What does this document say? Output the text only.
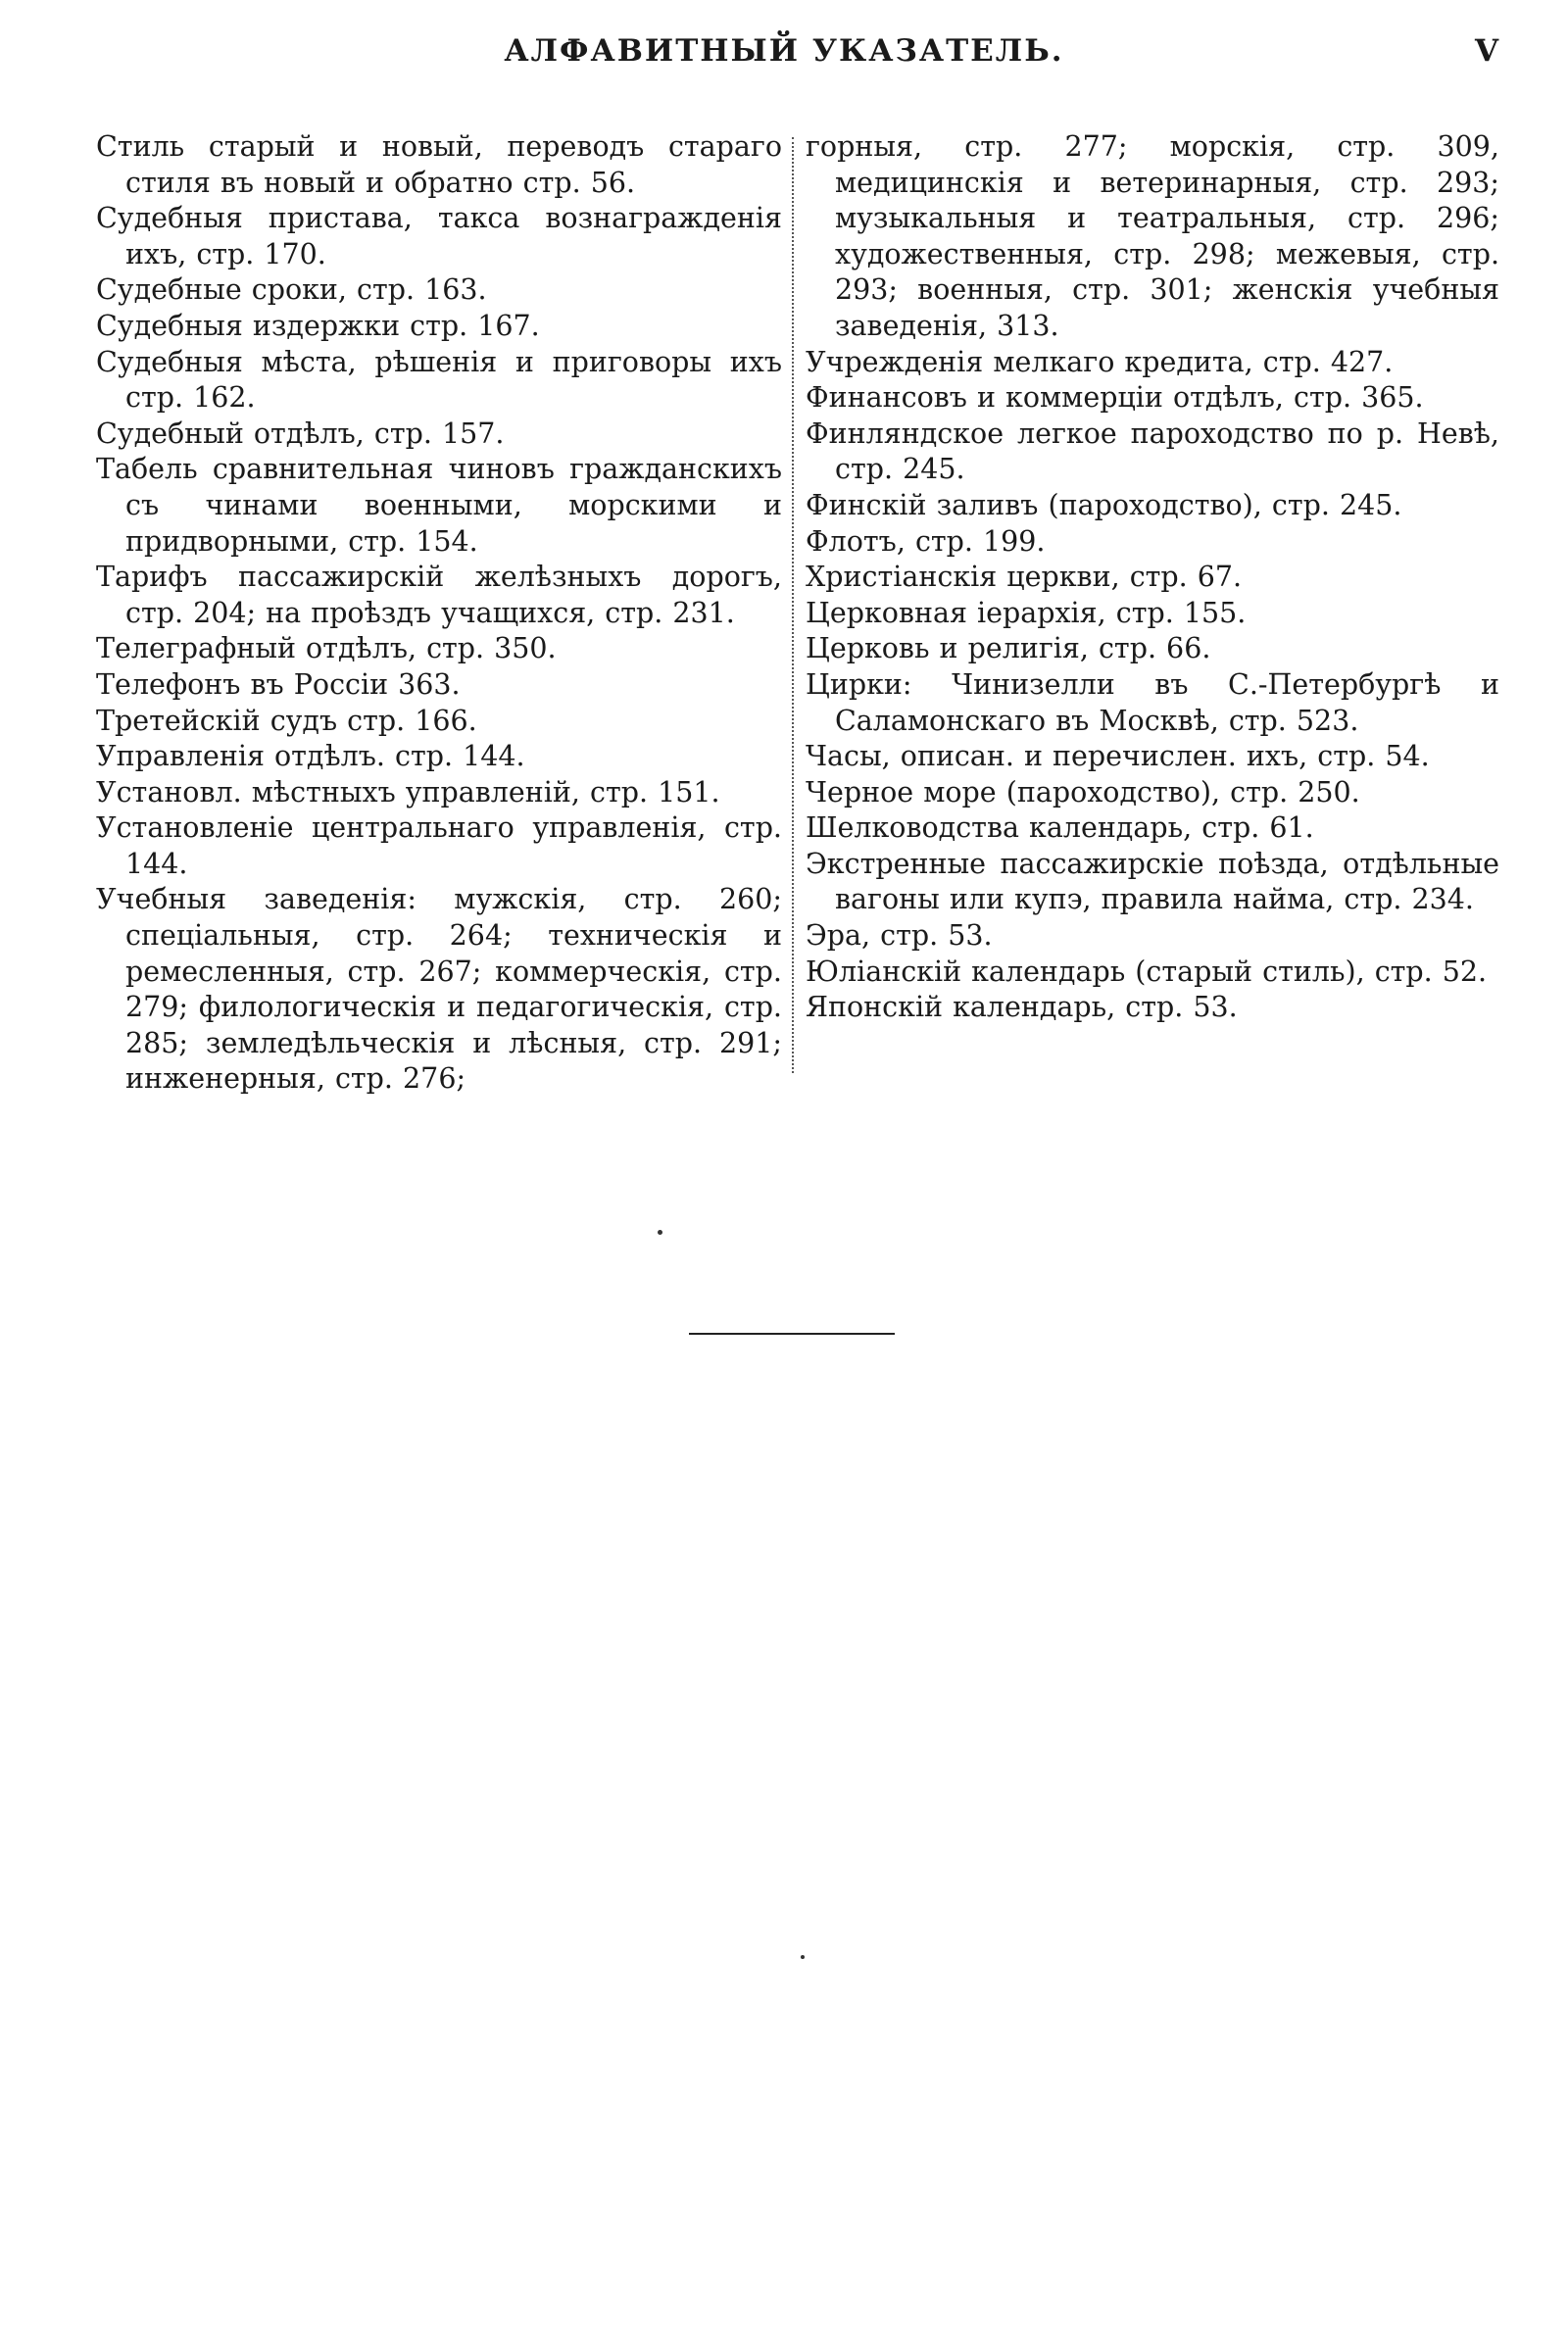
АЛФАВИТНЫЙ УКАЗАТЕЛЬ.	V

Стиль старый и новый, переводъ стараго стиля въ новый и обратно стр. 56.

Судебныя пристава, такса вознагражденія ихъ, стр. 170.

Судебные сроки, стр. 163.

Судебныя издержки стр. 167.

Судебныя мѣста, рѣшенія и приговоры ихъ стр. 162.

Судебный отдѣлъ, стр. 157.

Табель сравнительная чиновъ гражданскихъ съ чинами военными, морскими и придворными, стр. 154.

Тарифъ пассажирскій желѣзныхъ дорогъ, стр. 204; на проѣздъ учащихся, стр. 231.

Телеграфный отдѣлъ, стр. 350.

Телефонъ въ Россіи 363.

Третейскій судъ стр. 166.

Управленія отдѣлъ. стр. 144.

Установл. мѣстныхъ управленій, стр. 151.

Установленіе центральнаго управленія, стр. 144.

Учебныя заведенія: мужскія, стр. 260; спеціальныя, стр. 264; техническія и ремесленныя, стр. 267; коммерческія, стр. 279; филологическія и педагогическія, стр. 285; земледѣльческія и лѣсныя, стр. 291; инженерныя, стр. 276;

горныя, стр. 277; морскія, стр. 309, медицинскія и ветеринарныя, стр. 293; музыкальныя и театральныя, стр. 296; художественныя, стр. 298; межевыя, стр. 293; военныя, стр. 301; женскія учебныя заведенія, 313.

Учрежденія мелкаго кредита, стр. 427.

Финансовъ и коммерціи отдѣлъ, стр. 365.

Финляндское легкое пароходство по р. Невѣ, стр. 245.

Финскій заливъ (пароходство), стр. 245.

Флотъ, стр. 199.

Христіанскія церкви, стр. 67.

Церковная іерархія, стр. 155.

Церковь и религія, стр. 66.

Цирки: Чинизелли въ С.-Петербургѣ и Саламонскаго въ Москвѣ, стр. 523.

Часы, описан. и перечислен. ихъ, стр. 54.

Черное море (пароходство), стр. 250.

Шелководства календарь, стр. 61.

Экстренные пассажирскіе поѣзда, отдѣльные вагоны или купэ, правила найма, стр. 234.

Эра, стр. 53.

Юліанскій календарь (старый стиль), стр. 52.

Японскій календарь, стр. 53.
